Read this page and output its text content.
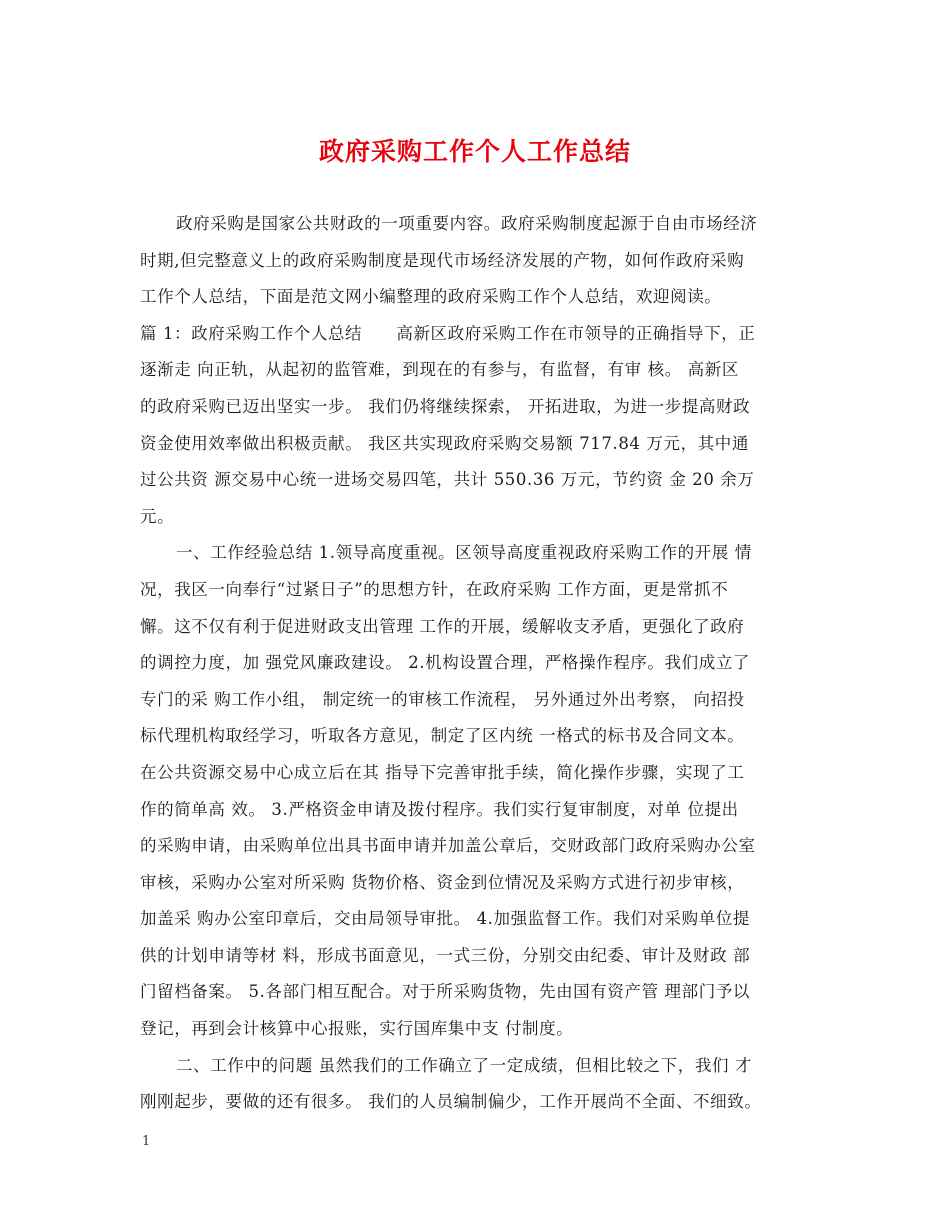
政府采购工作个人工作总结
政府采购是国家公共财政的一项重要内容。政府采购制度起源于自由市场经济
时期,但完整意义上的政府采购制度是现代市场经济发展的产物，如何作政府采购
工作个人总结，下面是范文网小编整理的政府采购工作个人总结，欢迎阅读。
篇 1：政府采购工作个人总结　　高新区政府采购工作在市领导的正确指导下，正
逐渐走 向正轨，从起初的监管难，到现在的有参与，有监督，有审 核。 高新区
的政府采购已迈出坚实一步。 我们仍将继续探索， 开拓进取，为进一步提高财政
资金使用效率做出积极贡献。 我区共实现政府采购交易额 717.84 万元，其中通
过公共资 源交易中心统一进场交易四笔，共计 550.36 万元，节约资 金 20 余万
元。
一、工作经验总结 1.领导高度重视。区领导高度重视政府采购工作的开展 情
况，我区一向奉行“过紧日子”的思想方针，在政府采购 工作方面，更是常抓不
懈。这不仅有利于促进财政支出管理 工作的开展，缓解收支矛盾，更强化了政府
的调控力度，加 强党风廉政建设。 2.机构设置合理，严格操作程序。我们成立了
专门的采 购工作小组， 制定统一的审核工作流程， 另外通过外出考察， 向招投
标代理机构取经学习，听取各方意见，制定了区内统 一格式的标书及合同文本。
在公共资源交易中心成立后在其 指导下完善审批手续，简化操作步骤，实现了工
作的简单高 效。 3.严格资金申请及拨付程序。我们实行复审制度，对单 位提出
的采购申请，由采购单位出具书面申请并加盖公章后，交财政部门政府采购办公室
审核，采购办公室对所采购 货物价格、资金到位情况及采购方式进行初步审核，
加盖采 购办公室印章后，交由局领导审批。 4.加强监督工作。我们对采购单位提
供的计划申请等材 料，形成书面意见，一式三份，分别交由纪委、审计及财政 部
门留档备案。 5.各部门相互配合。对于所采购货物，先由国有资产管 理部门予以
登记，再到会计核算中心报账，实行国库集中支 付制度。
二、工作中的问题 虽然我们的工作确立了一定成绩，但相比较之下，我们 才
刚刚起步，要做的还有很多。 我们的人员编制偏少，工作开展尚不全面、不细致。
1
